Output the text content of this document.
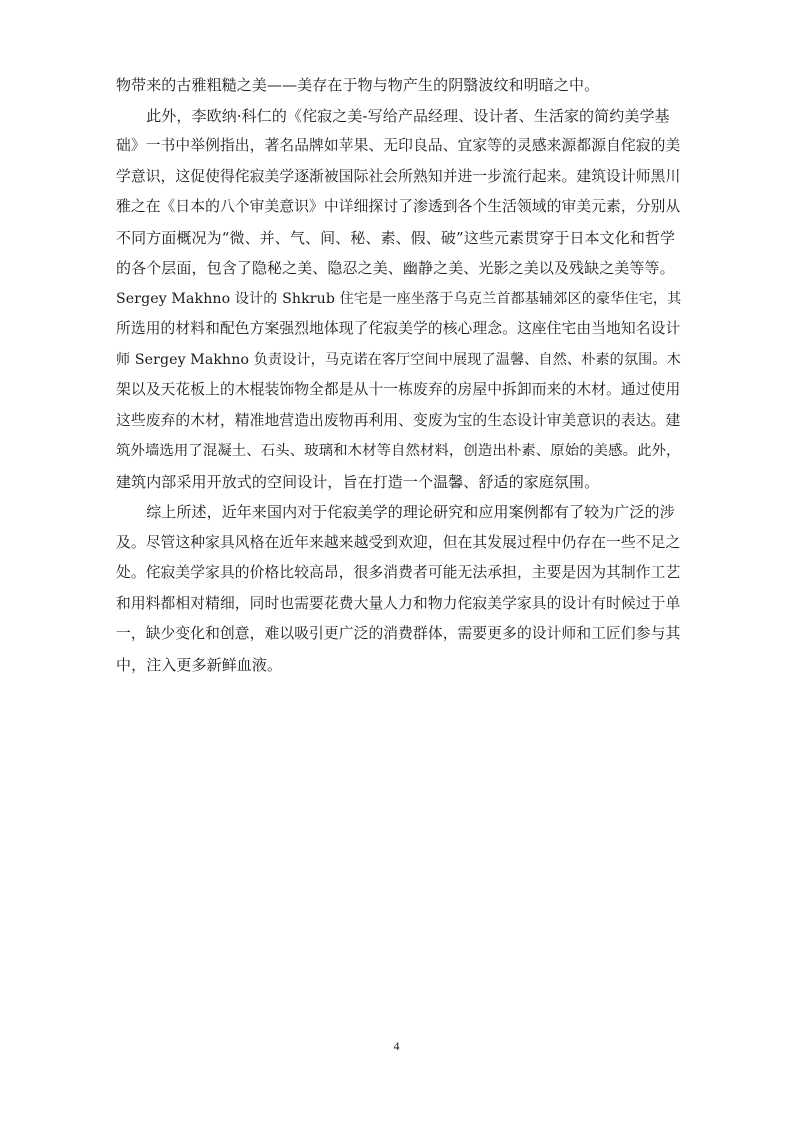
物带来的古雅粗糙之美——美存在于物与物产生的阴翳波纹和明暗之中。
　　此外，李欧纳·科仁的《侘寂之美-写给产品经理、设计者、生活家的简约美学基
础》一书中举例指出，著名品牌如苹果、无印良品、宜家等的灵感来源都源自侘寂的美
学意识，这促使得侘寂美学逐渐被国际社会所熟知并进一步流行起来。建筑设计师黑川
雅之在《日本的八个审美意识》中详细探讨了渗透到各个生活领域的审美元素，分别从
不同方面概况为“微、并、气、间、秘、素、假、破”这些元素贯穿于日本文化和哲学
的各个层面，包含了隐秘之美、隐忍之美、幽静之美、光影之美以及残缺之美等等。
Sergey Makhno 设计的 Shkrub 住宅是一座坐落于乌克兰首都基辅郊区的豪华住宅，其
所选用的材料和配色方案强烈地体现了侘寂美学的核心理念。这座住宅由当地知名设计
师 Sergey Makhno 负责设计，马克诺在客厅空间中展现了温馨、自然、朴素的氛围。木
架以及天花板上的木棍装饰物全都是从十一栋废弃的房屋中拆卸而来的木材。通过使用
这些废弃的木材，精准地营造出废物再利用、变废为宝的生态设计审美意识的表达。建
筑外墙选用了混凝土、石头、玻璃和木材等自然材料，创造出朴素、原始的美感。此外，
建筑内部采用开放式的空间设计，旨在打造一个温馨、舒适的家庭氛围。
　　综上所述，近年来国内对于侘寂美学的理论研究和应用案例都有了较为广泛的涉
及。尽管这种家具风格在近年来越来越受到欢迎，但在其发展过程中仍存在一些不足之
处。侘寂美学家具的价格比较高昂，很多消费者可能无法承担，主要是因为其制作工艺
和用料都相对精细，同时也需要花费大量人力和物力侘寂美学家具的设计有时候过于单
一，缺少变化和创意，难以吸引更广泛的消费群体，需要更多的设计师和工匠们参与其
中，注入更多新鲜血液。
4
